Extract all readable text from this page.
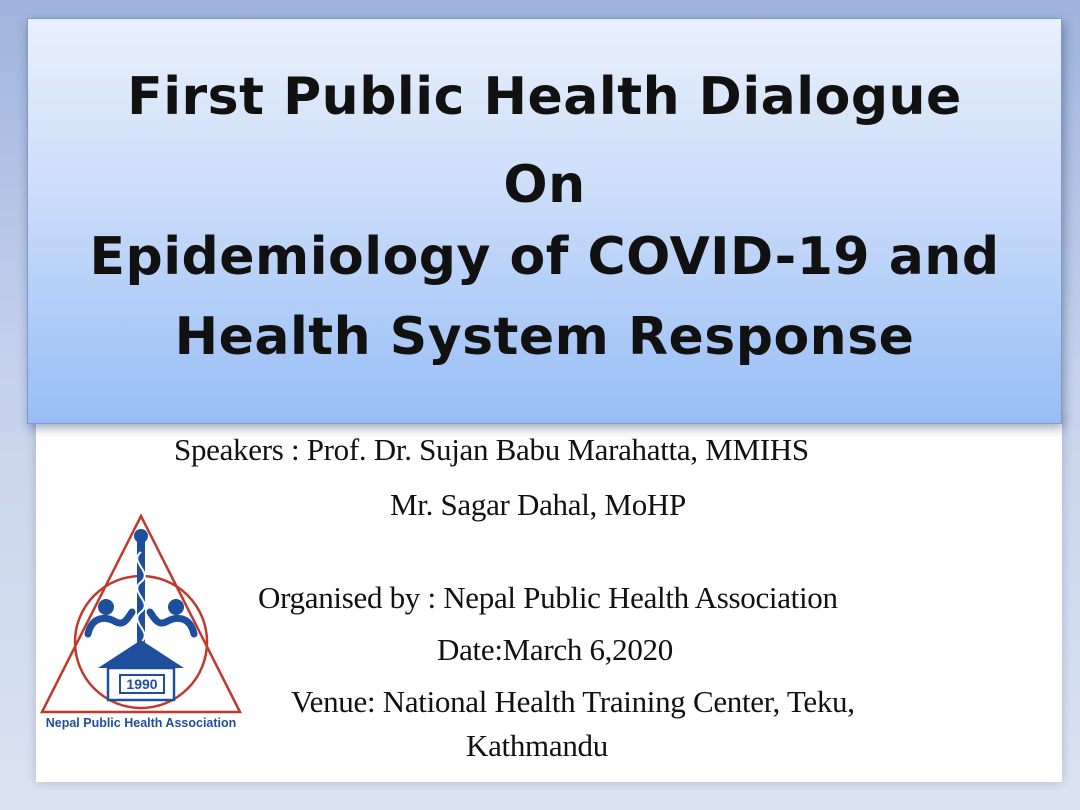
First Public Health Dialogue
On
Epidemiology of COVID-19 and
Health System Response
Speakers : Prof. Dr. Sujan Babu Marahatta, MMIHS
Mr. Sagar Dahal, MoHP
Organised by : Nepal Public Health Association
Date:March 6,2020
Venue: National Health Training Center, Teku,
Kathmandu
1990
Nepal Public Health Association
